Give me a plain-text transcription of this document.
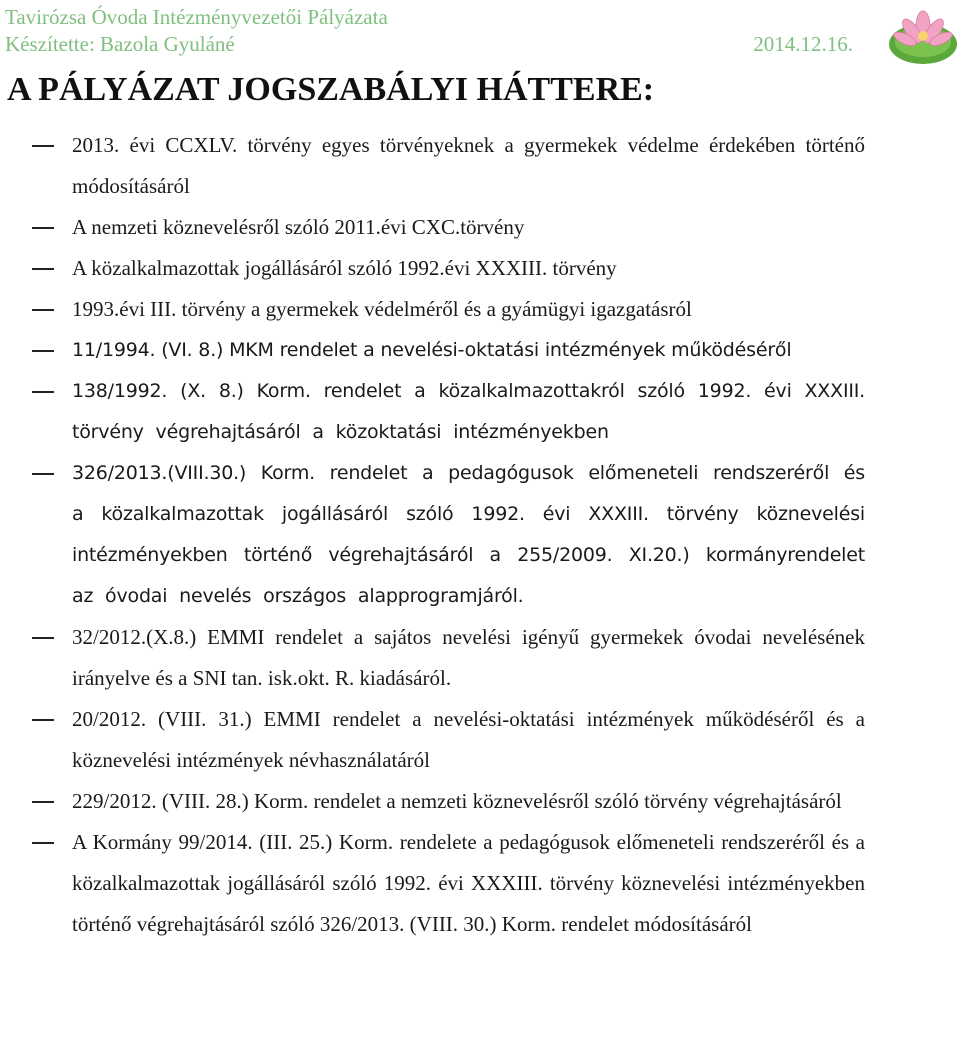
Tavirózsa Óvoda Intézményvezetői Pályázata
Készítette: Bazola Gyuláné	2014.12.16.
A PÁLYÁZAT JOGSZABÁLYI HÁTTERE:
2013. évi CCXLV. törvény egyes törvényeknek a gyermekek védelme érdekében történő módosításáról
A nemzeti köznevelésről szóló 2011.évi CXC.törvény
A közalkalmazottak jogállásáról szóló 1992.évi XXXIII. törvény
1993.évi III. törvény a gyermekek védelméről és a gyámügyi igazgatásról
11/1994. (VI. 8.) MKM rendelet a nevelési-oktatási intézmények működéséről
138/1992. (X. 8.) Korm. rendelet a közalkalmazottakról szóló 1992. évi XXXIII. törvény végrehajtásáról a közoktatási intézményekben
326/2013.(VIII.30.) Korm. rendelet a pedagógusok előmeneteli rendszeréről és a közalkalmazottak jogállásáról szóló 1992. évi XXXIII. törvény köznevelési intézményekben történő végrehajtásáról a 255/2009. XI.20.) kormányrendelet az óvodai nevelés országos alapprogramjáról.
32/2012.(X.8.) EMMI rendelet a sajátos nevelési igényű gyermekek óvodai nevelésének irányelve és a SNI tan. isk.okt. R. kiadásáról.
20/2012. (VIII. 31.) EMMI rendelet a nevelési-oktatási intézmények működéséről és a köznevelési intézmények névhasználatáról
229/2012. (VIII. 28.) Korm. rendelet a nemzeti köznevelésről szóló törvény végrehajtásáról
A Kormány 99/2014. (III. 25.) Korm. rendelete a pedagógusok előmeneteli rendszeréről és a közalkalmazottak jogállásáról szóló 1992. évi XXXIII. törvény köznevelési intézményekben történő végrehajtásáról szóló 326/2013. (VIII. 30.) Korm. rendelet módosításáról
